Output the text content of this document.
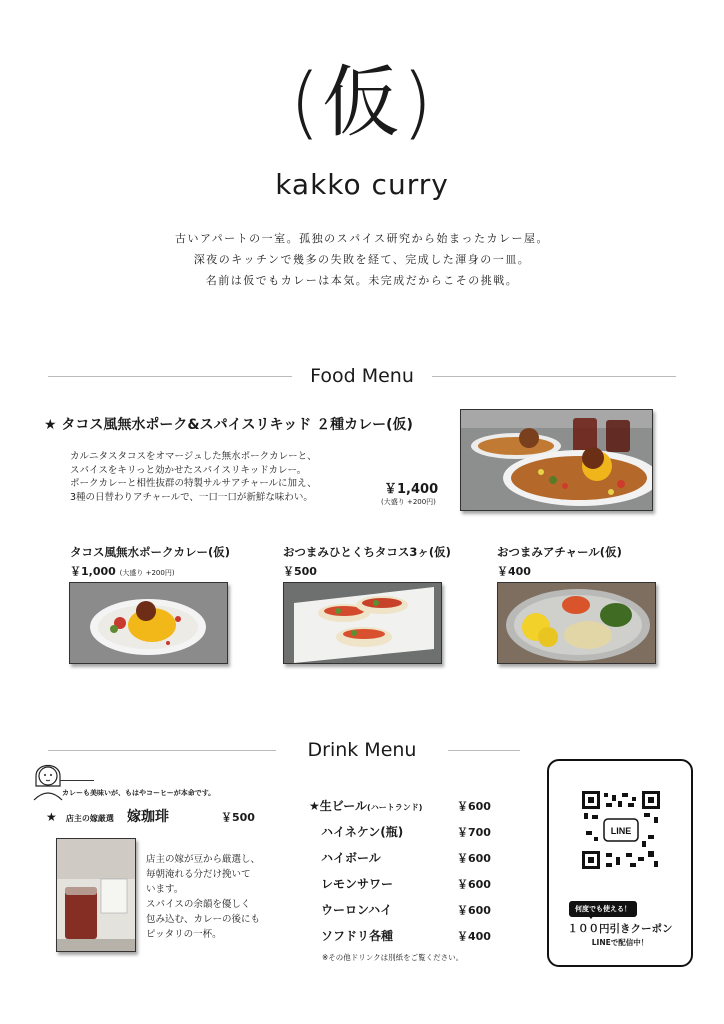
(仮)
kakko curry
古いアパートの一室。孤独のスパイス研究から始まったカレー屋。
深夜のキッチンで幾多の失敗を経て、完成した渾身の一皿。
名前は仮でもカレーは本気。未完成だからこその挑戦。
Food Menu
★ タコス風無水ポーク&スパイスリキッド ２種カレー(仮)
カルニタスタコスをオマージュした無水ポークカレーと、
スパイスをキリっと効かせたスパイスリキッドカレー。
ポークカレーと相性抜群の特製サルサアチャールに加え、
3種の日替わりアチャールで、一口一口が新鮮な味わい。	￥1,400
(大盛り +200円)
タコス風無水ポークカレー(仮)
￥1,000 (大盛り +200円)
おつまみひとくちタコス3ヶ(仮)
￥500
おつまみアチャール(仮)
￥400
Drink Menu
カレーも美味いが、もはやコーヒーが本命です。
★ 店主の嫁厳選 嫁珈琲	￥500
店主の嫁が豆から厳選し、
毎朝淹れる分だけ挽いて
います。
スパイスの余韻を優しく
包み込む、カレーの後にも
ピッタリの一杯。
★生ビール(ハートランド)	￥600
ハイネケン(瓶)	￥700
ハイボール	￥600
レモンサワー	￥600
ウーロンハイ	￥600
ソフドリ各種	￥400
※その他ドリンクは別紙をご覧ください。
LINE
何度でも使える！
１００円引きクーポン
LINEで配信中！
